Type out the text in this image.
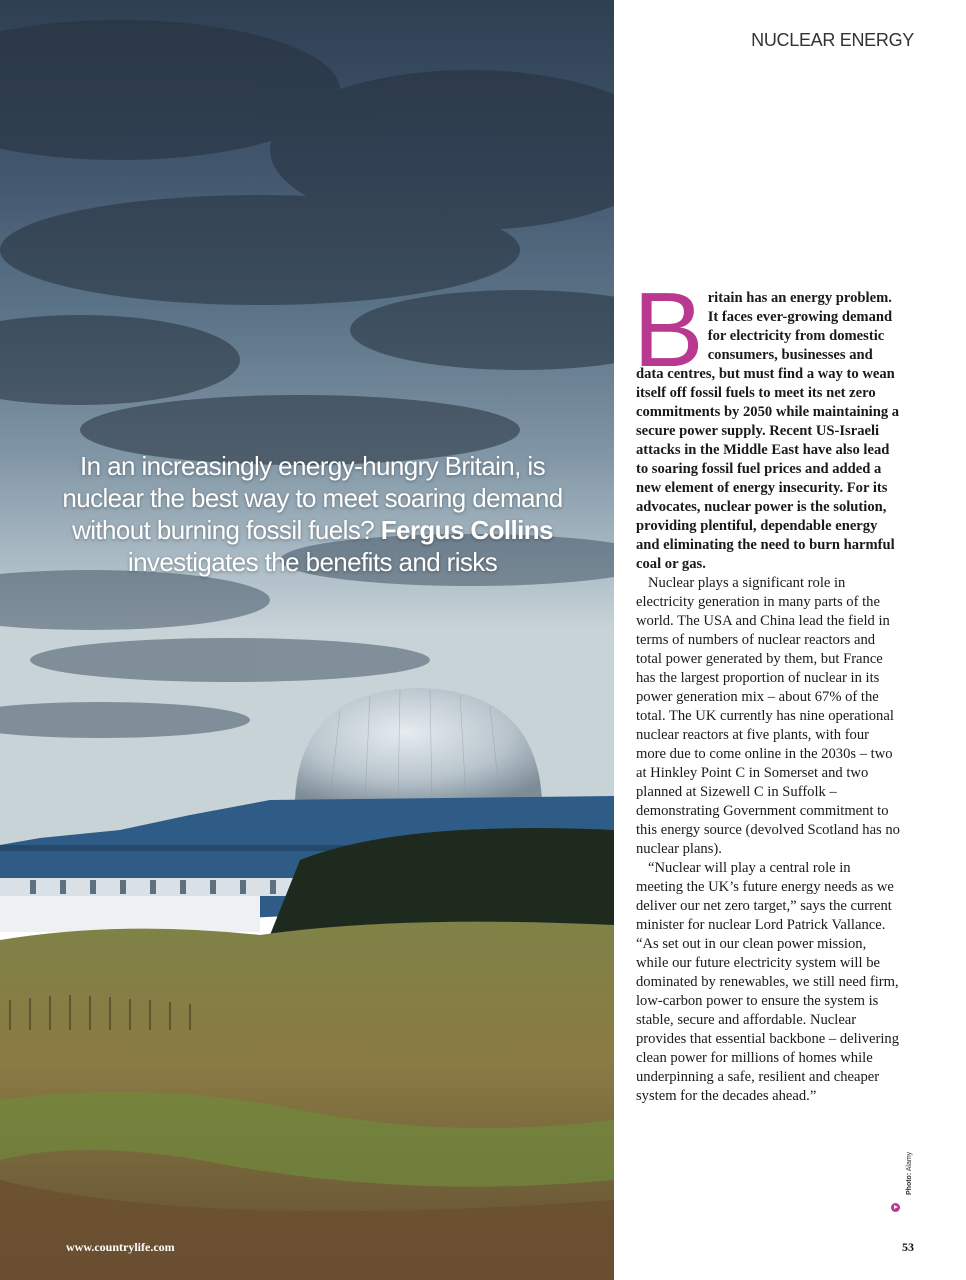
In an increasingly energy-hungry Britain, is nuclear the best way to meet soaring demand without burning fossil fuels? Fergus Collins investigates the benefits and risks
www.countrylife.com
NUCLEAR ENERGY

Britain has an energy problem. It faces ever-growing demand for electricity from domestic consumers, businesses and data centres, but must find a way to wean itself off fossil fuels to meet its net zero commitments by 2050 while maintaining a secure power supply. Recent US-Israeli attacks in the Middle East have also lead to soaring fossil fuel prices and added a new element of energy insecurity. For its advocates, nuclear power is the solution, providing plentiful, dependable energy and eliminating the need to burn harmful coal or gas.

Nuclear plays a significant role in electricity generation in many parts of the world. The USA and China lead the field in terms of numbers of nuclear reactors and total power generated by them, but France has the largest proportion of nuclear in its power generation mix – about 67% of the total. The UK currently has nine operational nuclear reactors at five plants, with four more due to come online in the 2030s – two at Hinkley Point C in Somerset and two planned at Sizewell C in Suffolk – demonstrating Government commitment to this energy source (devolved Scotland has no nuclear plans).

“Nuclear will play a central role in meeting the UK’s future energy needs as we deliver our net zero target,” says the current minister for nuclear Lord Patrick Vallance. “As set out in our clean power mission, while our future electricity system will be dominated by renewables, we still need firm, low-carbon power to ensure the system is stable, secure and affordable. Nuclear provides that essential backbone – delivering clean power for millions of homes while underpinning a safe, resilient and cheaper system for the decades ahead.”

Photo: Alamy
53
